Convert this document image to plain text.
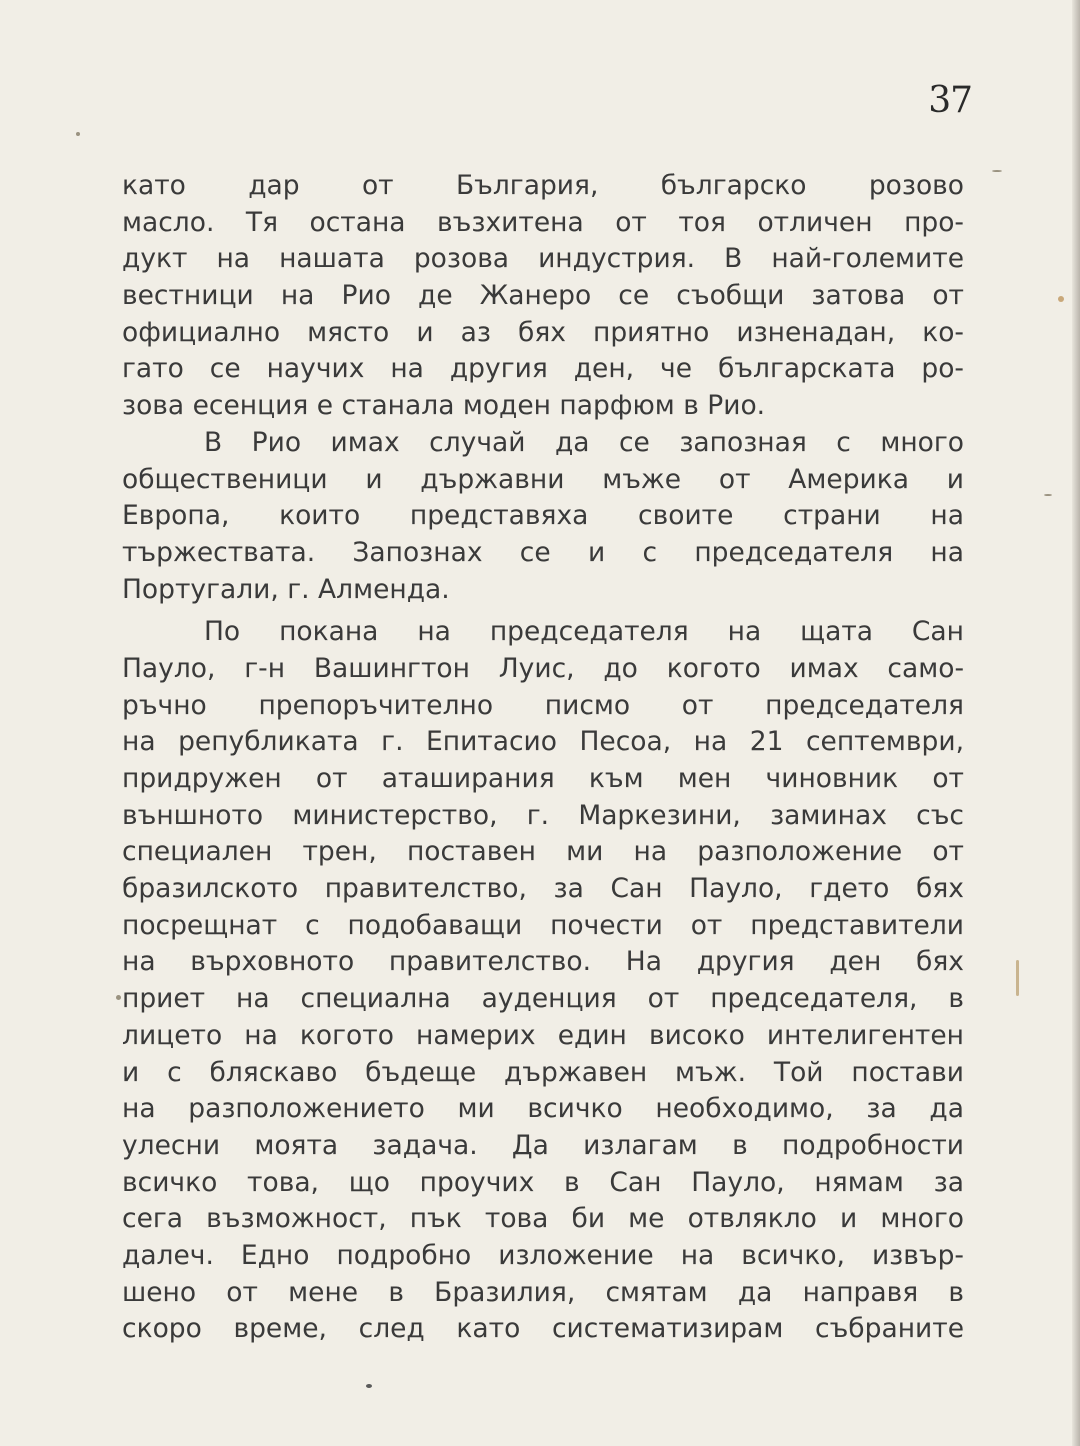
37
като дар от България, българско розово
масло. Тя остана възхитена от тоя отличен про-
дукт на нашата розова индустрия. В най-големите
вестници на Рио де Жанеро се съобщи затова от
официално място и аз бях приятно изненадан, ко-
гато се научих на другия ден, че българската ро-
зова есенция е станала моден парфюм в Рио.
В Рио имах случай да се запозная с много
общественици и държавни мъже от Америка и
Европа, които представяха своите страни на
тържествата. Запознах се и с председателя на
Португали, г. Алменда.
По покана на председателя на щата Сан
Пауло, г-н Вашингтон Луис, до когото имах само-
ръчно препоръчително писмо от председателя
на републиката г. Епитасио Песоа, на 21 септември,
придружен от аташирания към мен чиновник от
външното министерство, г. Маркезини, заминах със
специален трен, поставен ми на разположение от
бразилското правителство, за Сан Пауло, гдето бях
посрещнат с подобаващи почести от представители
на върховното правителство. На другия ден бях
приет на специална ауденция от председателя, в
лицето на когото намерих един високо интелигентен
и с бляскаво бъдеще държавен мъж. Той постави
на разположението ми всичко необходимо, за да
улесни моята задача. Да излагам в подробности
всичко това, що проучих в Сан Пауло, нямам за
сега възможност, пък това би ме отвлякло и много
далеч. Едно подробно изложение на всичко, извър-
шено от мене в Бразилия, смятам да направя в
скоро време, след като систематизирам събраните
